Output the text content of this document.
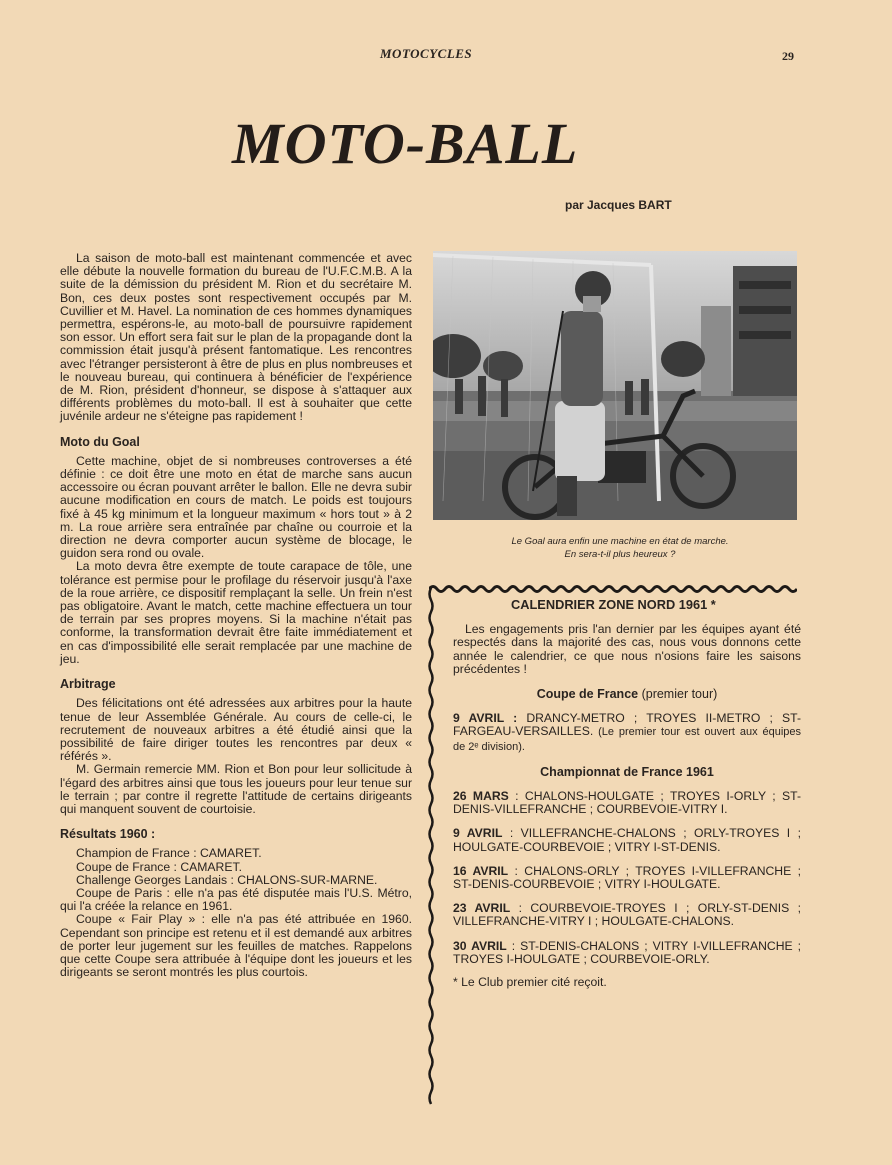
MOTOCYCLES	29
MOTO-BALL
par Jacques BART

La saison de moto-ball est maintenant commencée et avec elle débute la nouvelle formation du bureau de l'U.F.C.M.B. A la suite de la démission du président M. Rion et du secrétaire M. Bon, ces deux postes sont respectivement occupés par M. Cuvillier et M. Havel. La nomination de ces hommes dynamiques permettra, espérons-le, au moto-ball de poursuivre rapidement son essor. Un effort sera fait sur le plan de la propagande dont la commission était jusqu'à présent fantomatique. Les rencontres avec l'étranger persisteront à être de plus en plus nombreuses et le nouveau bureau, qui continuera à bénéficier de l'expérience de M. Rion, président d'honneur, se dispose à s'attaquer aux différents problèmes du moto-ball. Il est à souhaiter que cette juvénile ardeur ne s'éteigne pas rapidement !

Moto du Goal

Cette machine, objet de si nombreuses controverses a été définie : ce doit être une moto en état de marche sans aucun accessoire ou écran pouvant arrêter le ballon. Elle ne devra subir aucune modification en cours de match. Le poids est toujours fixé à 45 kg minimum et la longueur maximum « hors tout » à 2 m. La roue arrière sera entraînée par chaîne ou courroie et la direction ne devra comporter aucun système de blocage, le guidon sera rond ou ovale.

La moto devra être exempte de toute carapace de tôle, une tolérance est permise pour le profilage du réservoir jusqu'à l'axe de la roue arrière, ce dispositif remplaçant la selle. Un frein n'est pas obligatoire. Avant le match, cette machine effectuera un tour de terrain par ses propres moyens. Si la machine n'était pas conforme, la transformation devrait être faite immédiatement et en cas d'impossibilité elle serait remplacée par une machine de jeu.

Arbitrage

Des félicitations ont été adressées aux arbitres pour la haute tenue de leur Assemblée Générale. Au cours de celle-ci, le recrutement de nouveaux arbitres a été étudié ainsi que la possibilité de faire diriger toutes les rencontres par deux « référés ».

M. Germain remercie MM. Rion et Bon pour leur sollicitude à l'égard des arbitres ainsi que tous les joueurs pour leur tenue sur le terrain ; par contre il regrette l'attitude de certains dirigeants qui manquent souvent de courtoisie.

Résultats 1960 :

Champion de France : CAMARET.

Coupe de France : CAMARET.

Challenge Georges Landais : CHALONS-SUR-MARNE.

Coupe de Paris : elle n'a pas été disputée mais l'U.S. Métro, qui l'a créée la relance en 1961.

Coupe « Fair Play » : elle n'a pas été attribuée en 1960. Cependant son principe est retenu et il est demandé aux arbitres de porter leur jugement sur les feuilles de matches. Rappelons que cette Coupe sera attribuée à l'équipe dont les joueurs et les dirigeants se seront montrés les plus courtois.

Le Goal aura enfin une machine en état de marche.
En sera-t-il plus heureux ?
CALENDRIER ZONE NORD 1961 *
Les engagements pris l'an dernier par les équipes ayant été respectés dans la majorité des cas, nous vous donnons cette année le calendrier, ce que nous n'osions faire les saisons précédentes !
Coupe de France (premier tour)
9 AVRIL : DRANCY-METRO ; TROYES II-METRO ; ST-FARGEAU-VERSAILLES. (Le premier tour est ouvert aux équipes de 2ᵉ division).
Championnat de France 1961
26 MARS : CHALONS-HOULGATE ; TROYES I-ORLY ; ST-DENIS-VILLEFRANCHE ; COURBEVOIE-VITRY I.
9 AVRIL : VILLEFRANCHE-CHALONS ; ORLY-TROYES I ; HOULGATE-COURBEVOIE ; VITRY I-ST-DENIS.
16 AVRIL : CHALONS-ORLY ; TROYES I-VILLEFRANCHE ; ST-DENIS-COURBEVOIE ; VITRY I-HOULGATE.
23 AVRIL : COURBEVOIE-TROYES I ; ORLY-ST-DENIS ; VILLEFRANCHE-VITRY I ; HOULGATE-CHALONS.
30 AVRIL : ST-DENIS-CHALONS ; VITRY I-VILLEFRANCHE ; TROYES I-HOULGATE ; COURBEVOIE-ORLY.
* Le Club premier cité reçoit.
